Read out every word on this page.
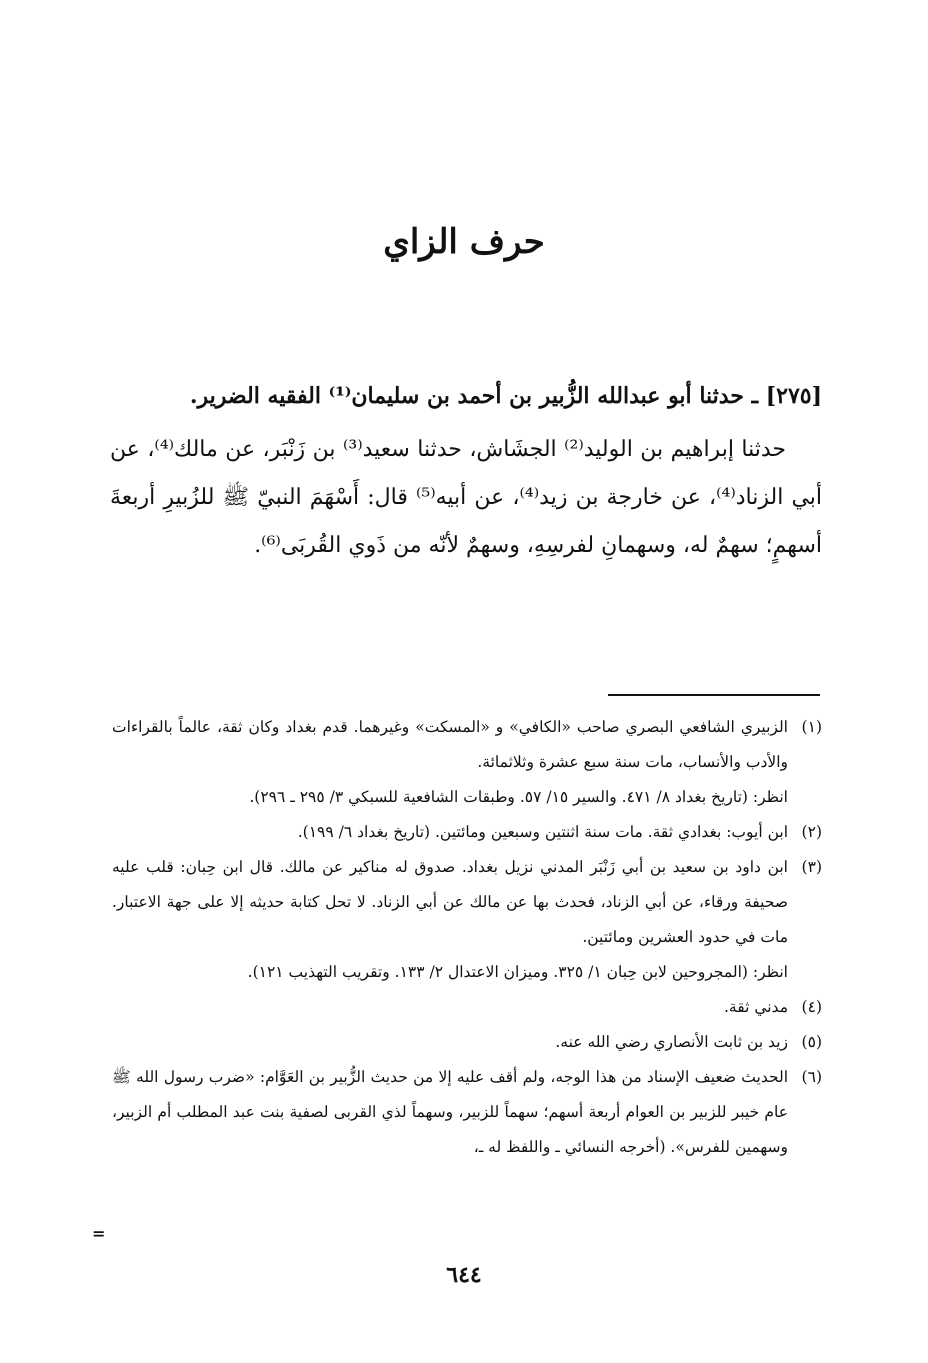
حرف الزاي

[٢٧٥] ـ حدثنا أبو عبدالله الزُّبير بن أحمد بن سليمان⁽¹⁾ الفقيه الضرير.

حدثنا إبراهيم بن الوليد⁽²⁾ الجشَاش، حدثنا سعيد⁽³⁾ بن زَنْبَر، عن مالك⁽⁴⁾، عن أبي الزناد⁽⁴⁾، عن خارجة بن زيد⁽⁴⁾، عن أبيه⁽⁵⁾ قال: أَسْهَمَ النبيّ ﷺ للزُبيرِ أربعةَ أسهمٍ؛ سهمٌ له، وسهمانِ لفرسِهِ، وسهمٌ لأنّه من ذَوي القُربَى⁽⁶⁾.

(١)
الزبيري الشافعي البصري صاحب «الكافي» و «المسكت» وغيرهما. قدم بغداد وكان ثقة، عالماً بالقراءات والأدب والأنساب، مات سنة سبع عشرة وثلاثمائة.
انظر: (تاريخ بغداد ٨/ ٤٧١. والسير ١٥/ ٥٧. وطبقات الشافعية للسبكي ٣/ ٢٩٥ ـ ٢٩٦).
(٢)
ابن أيوب: بغدادي ثقة. مات سنة اثنتين وسبعين ومائتين. (تاريخ بغداد ٦/ ١٩٩).
(٣)
ابن داود بن سعيد بن أبي زَنْبَر المدني نزيل بغداد. صدوق له مناكير عن مالك. قال ابن حِبان: قلب عليه صحيفة ورقاء، عن أبي الزناد، فحدث بها عن مالك عن أبي الزناد. لا تحل كتابة حديثه إلا على جهة الاعتبار. مات في حدود العشرين ومائتين.
انظر: (المجروحين لابن حِبان ١/ ٣٢٥. وميزان الاعتدال ٢/ ١٣٣. وتقريب التهذيب ١٢١).
(٤)
مدني ثقة.
(٥)
زيد بن ثابت الأنصاري رضي الله عنه.
(٦)
الحديث ضعيف الإسناد من هذا الوجه، ولم أقف عليه إلا من حديث الزُّبير بن العَوَّام: «ضرب رسول الله ﷺ عام خيبر للزبير بن العوام أربعة أسهم؛ سهماً للزبير، وسهماً لذي القربى لصفية بنت عبد المطلب أم الزبير، وسهمين للفرس». (أخرجه النسائي ـ واللفظ له ـ،
=
٦٤٤
